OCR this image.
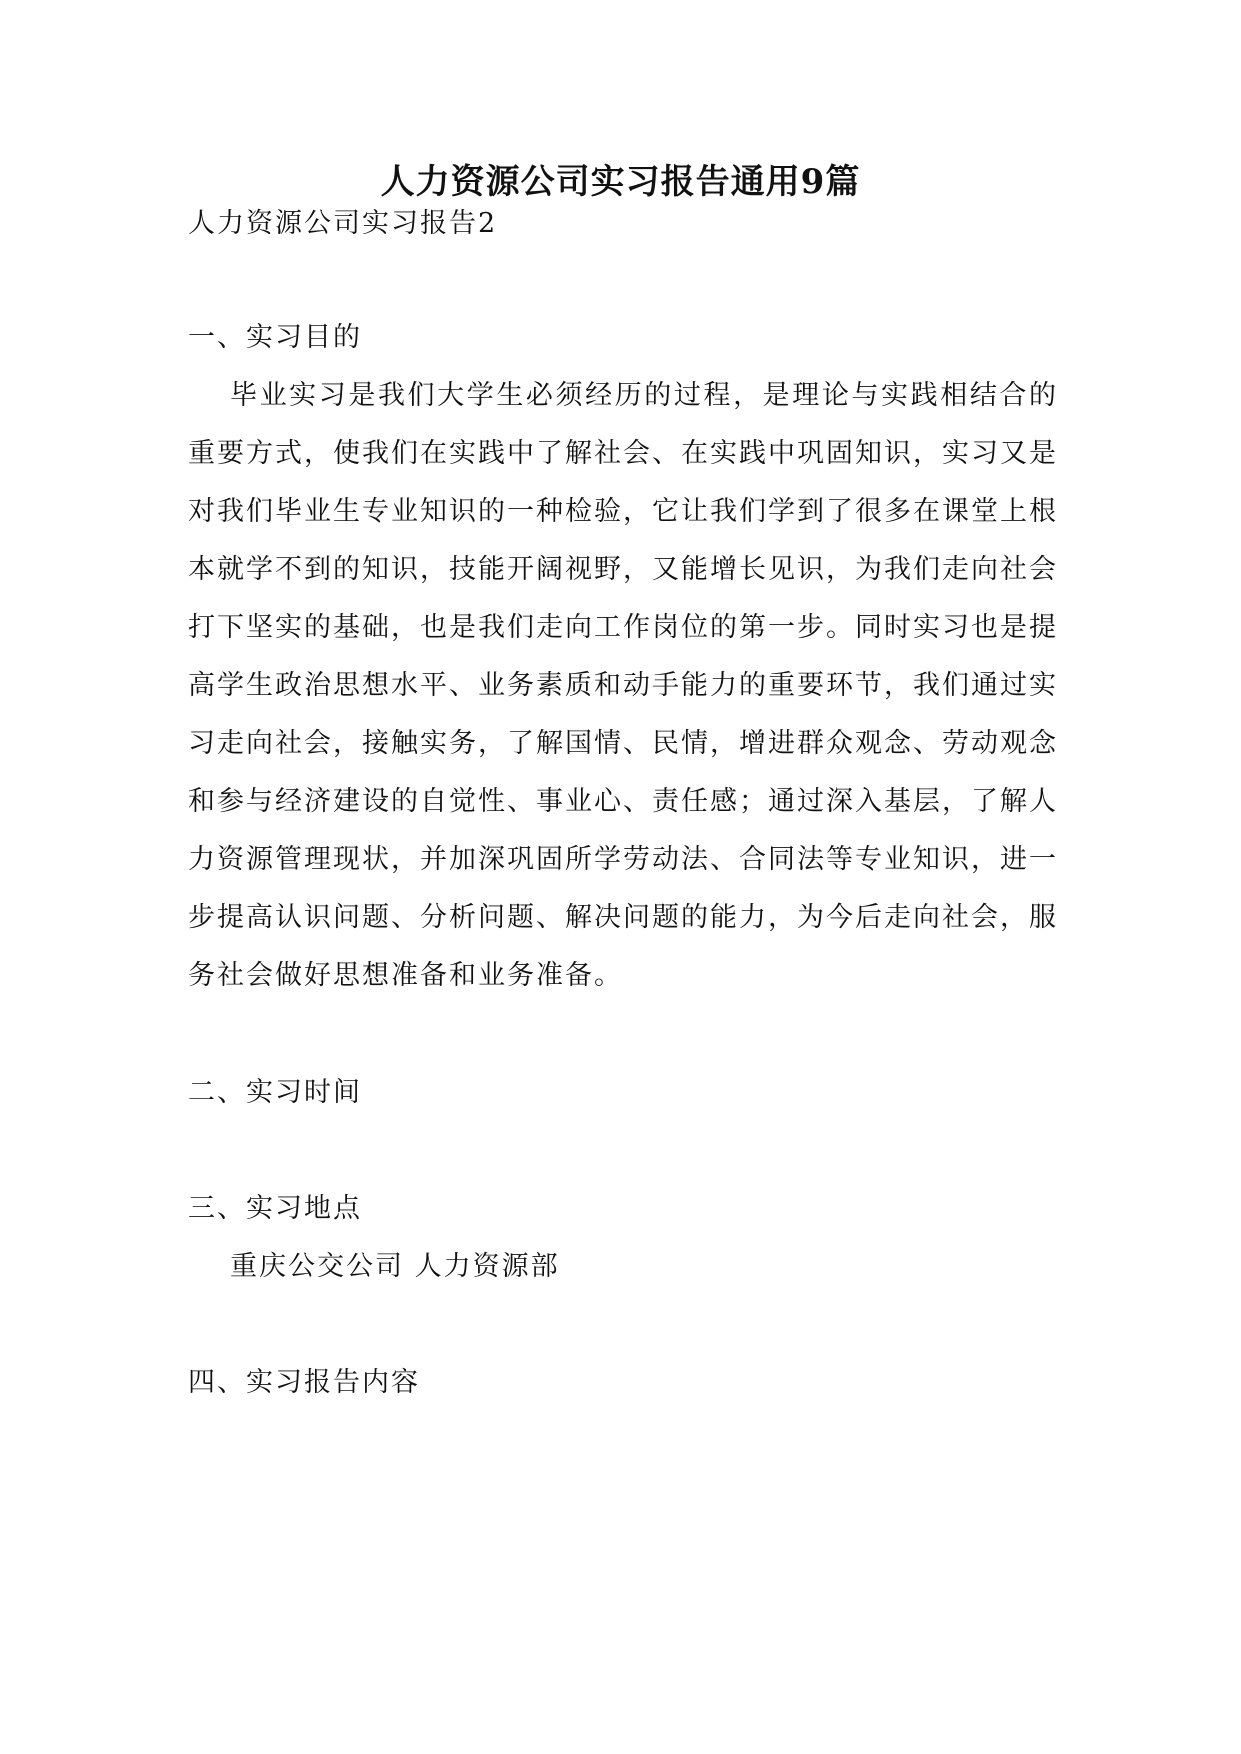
人力资源公司实习报告通用9篇
人力资源公司实习报告2
一、实习目的
毕业实习是我们大学生必须经历的过程，是理论与实践相结合的
重要方式，使我们在实践中了解社会、在实践中巩固知识，实习又是
对我们毕业生专业知识的一种检验，它让我们学到了很多在课堂上根
本就学不到的知识，技能开阔视野，又能增长见识，为我们走向社会
打下坚实的基础，也是我们走向工作岗位的第一步。同时实习也是提
高学生政治思想水平、业务素质和动手能力的重要环节，我们通过实
习走向社会，接触实务，了解国情、民情，增进群众观念、劳动观念
和参与经济建设的自觉性、事业心、责任感；通过深入基层，了解人
力资源管理现状，并加深巩固所学劳动法、合同法等专业知识，进一
步提高认识问题、分析问题、解决问题的能力，为今后走向社会，服
务社会做好思想准备和业务准备。
二、实习时间
三、实习地点
重庆公交公司 人力资源部
四、实习报告内容
